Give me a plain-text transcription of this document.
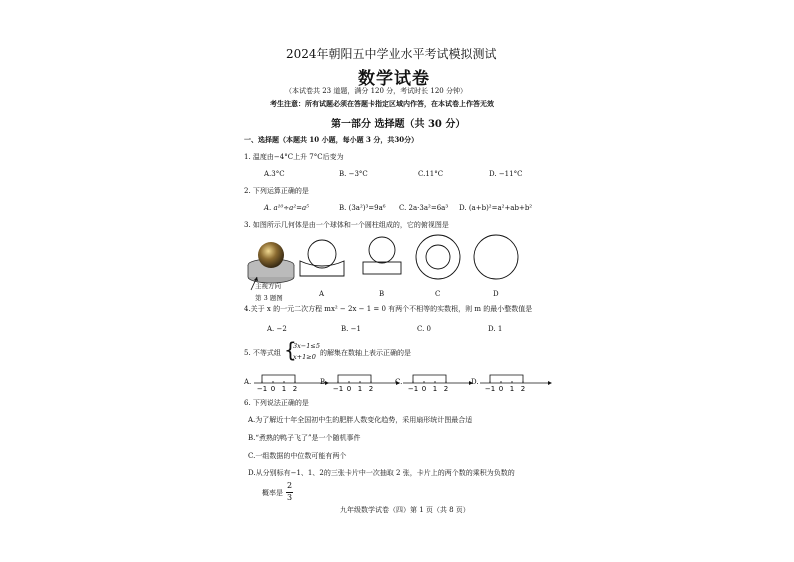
2024年朝阳五中学业水平考试模拟测试
数学试卷
（本试卷共 23 道题，满分 120 分，考试时长 120 分钟）
考生注意：所有试题必须在答题卡指定区域内作答，在本试卷上作答无效
第一部分 选择题（共 30 分）
一、选择题（本题共 10 小题，每小题 3 分，共30分）
1. 温度由−4°C上升 7°C后变为
A.3°C	B. −3°C	C.11°C	D. −11°C
2. 下列运算正确的是
A. a¹⁰÷a²=a⁵	B. (3a²)³=9a⁶ C. 2a·3a²=6a³ D. (a+b)²=a²+ab+b²
3. 如图所示几何体是由一个球体和一个圆柱组成的，它的俯视图是
主视方向
第 3 题图	A	B	C	D
4.关于 x 的一元二次方程 mx² − 2x − 1 = 0 有两个不相等的实数根，则 m 的最小整数值是
A. −2	B. −1	C. 0	D. 1
5. 不等式组 {
3x−1≤5
x+1≥0 的解集在数轴上表示正确的是
A.
−1 0 1 2
B.
−1 0 1 2
C.
−1 0 1 2
D.
−1 0 1 2
6. 下列说法正确的是
A.为了解近十年全国初中生的肥胖人数变化趋势，采用扇形统计图最合适
B.“煮熟的鸭子飞了”是一个随机事件
C.一组数据的中位数可能有两个
D.从分别标有−1、1、2的三张卡片中一次抽取 2 张，卡片上的两个数的乘积为负数的
概率是
2
3
九年级数学试卷（四）第 1 页（共 8 页）
